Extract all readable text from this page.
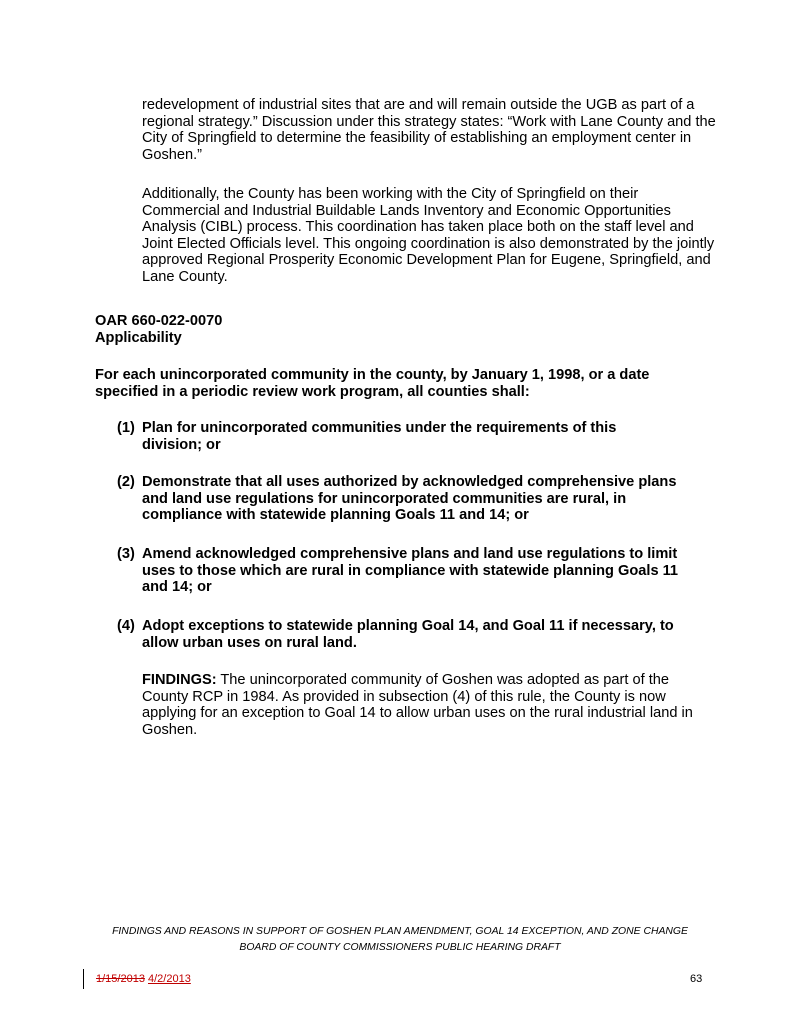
redevelopment of industrial sites that are and will remain outside the UGB as part of a regional strategy.” Discussion under this strategy states: “Work with Lane County and the City of Springfield to determine the feasibility of establishing an employment center in Goshen.”

Additionally, the County has been working with the City of Springfield on their Commercial and Industrial Buildable Lands Inventory and Economic Opportunities Analysis (CIBL) process. This coordination has taken place both on the staff level and Joint Elected Officials level. This ongoing coordination is also demonstrated by the jointly approved Regional Prosperity Economic Development Plan for Eugene, Springfield, and Lane County.

OAR 660-022-0070
Applicability
For each unincorporated community in the county, by January 1, 1998, or a date specified in a periodic review work program, all counties shall:
(1) Plan for unincorporated communities under the requirements of this division; or
(2) Demonstrate that all uses authorized by acknowledged comprehensive plans and land use regulations for unincorporated communities are rural, in compliance with statewide planning Goals 11 and 14; or
(3) Amend acknowledged comprehensive plans and land use regulations to limit uses to those which are rural in compliance with statewide planning Goals 11 and 14; or
(4) Adopt exceptions to statewide planning Goal 14, and Goal 11 if necessary, to allow urban uses on rural land.

FINDINGS: The unincorporated community of Goshen was adopted as part of the County RCP in 1984. As provided in subsection (4) of this rule, the County is now applying for an exception to Goal 14 to allow urban uses on the rural industrial land in Goshen.

FINDINGS AND REASONS IN SUPPORT OF GOSHEN PLAN AMENDMENT, GOAL 14 EXCEPTION, AND ZONE CHANGE
BOARD OF COUNTY COMMISSIONERS PUBLIC HEARING DRAFT
1/15/2013 4/2/2013	63
